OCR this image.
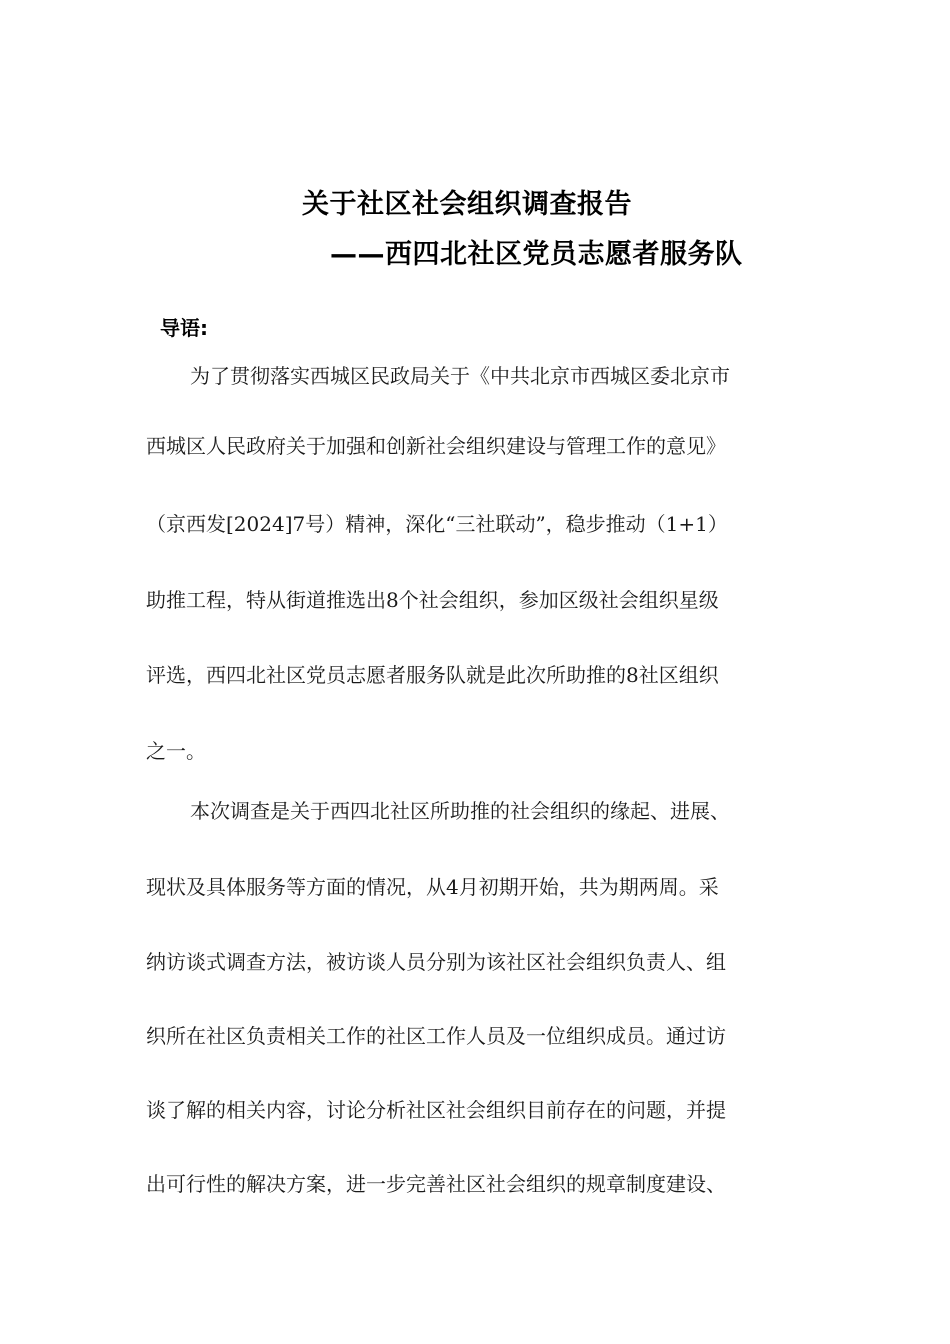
关于社区社会组织调查报告
——西四北社区党员志愿者服务队
导语:

为了贯彻落实西城区民政局关于《中共北京市西城区委北京市

西城区人民政府关于加强和创新社会组织建设与管理工作的意见》

（京西发[2024]7号）精神，深化“三社联动”，稳步推动（1+1）

助推工程，特从街道推选出8个社会组织，参加区级社会组织星级

评选，西四北社区党员志愿者服务队就是此次所助推的8社区组织

之一。

本次调查是关于西四北社区所助推的社会组织的缘起、进展、

现状及具体服务等方面的情况，从4月初期开始，共为期两周。采

纳访谈式调查方法，被访谈人员分别为该社区社会组织负责人、组

织所在社区负责相关工作的社区工作人员及一位组织成员。通过访

谈了解的相关内容，讨论分析社区社会组织目前存在的问题，并提

出可行性的解决方案，进一步完善社区社会组织的规章制度建设、
